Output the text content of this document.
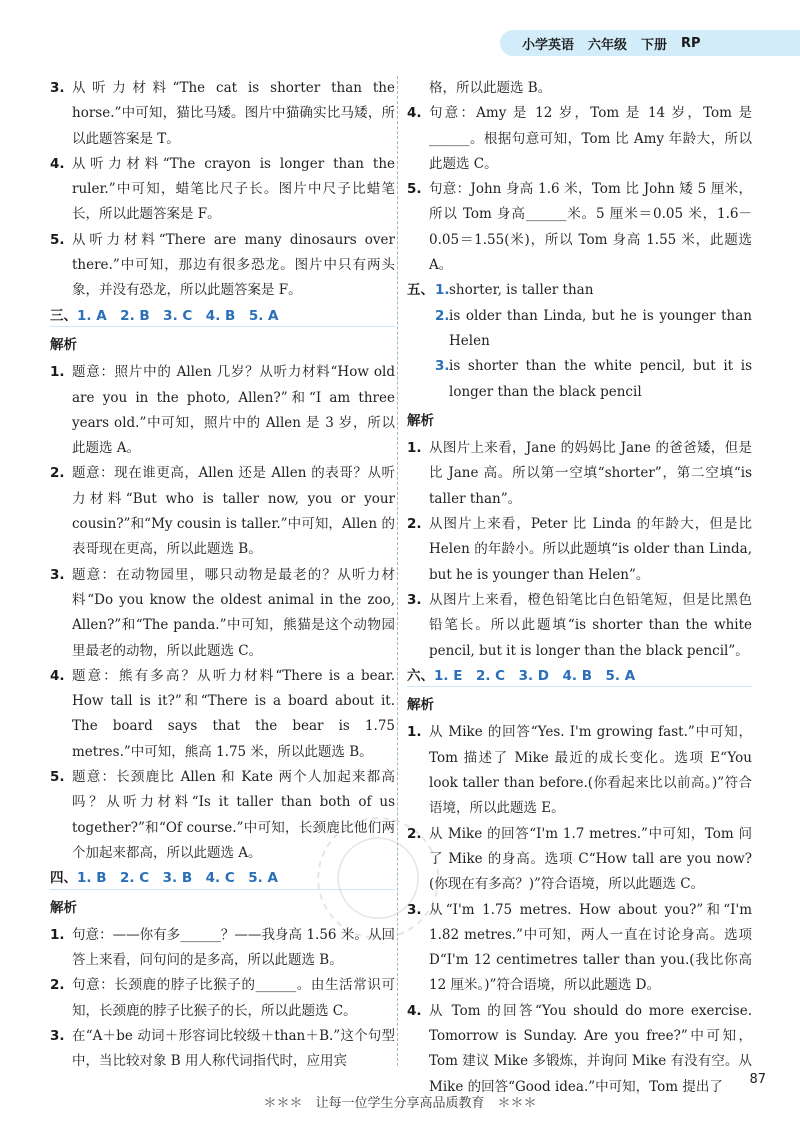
小学英语 六年级 下册 RP
3. 从听力材料“The cat is shorter than the horse.”中可知，猫比马矮。图片中猫确实比马矮，所以此题答案是 T。
4. 从听力材料“The crayon is longer than the ruler.”中可知，蜡笔比尺子长。图片中尺子比蜡笔长，所以此题答案是 F。
5. 从听力材料“There are many dinosaurs over there.”中可知，那边有很多恐龙。图片中只有两头象，并没有恐龙，所以此题答案是 F。
三、1. A　2. B　3. C　4. B　5. A
解析
1. 题意：照片中的 Allen 几岁？从听力材料“How old are you in the photo, Allen?”和“I am three years old.”中可知，照片中的 Allen 是 3 岁，所以此题选 A。
2. 题意：现在谁更高，Allen 还是 Allen 的表哥？从听力材料“But who is taller now, you or your cousin?”和“My cousin is taller.”中可知，Allen 的表哥现在更高，所以此题选 B。
3. 题意：在动物园里，哪只动物是最老的？从听力材料“Do you know the oldest animal in the zoo, Allen?”和“The panda.”中可知，熊猫是这个动物园里最老的动物，所以此题选 C。
4. 题意：熊有多高？从听力材料“There is a bear. How tall is it?”和“There is a board about it. The board says that the bear is 1.75 metres.”中可知，熊高 1.75 米，所以此题选 B。
5. 题意：长颈鹿比 Allen 和 Kate 两个人加起来都高吗？从听力材料“Is it taller than both of us together?”和“Of course.”中可知，长颈鹿比他们两个加起来都高，所以此题选 A。
四、1. B　2. C　3. B　4. C　5. A
解析
1. 句意：——你有多______？——我身高 1.56 米。从回答上来看，问句问的是多高，所以此题选 B。
2. 句意：长颈鹿的脖子比猴子的______。由生活常识可知，长颈鹿的脖子比猴子的长，所以此题选 C。
3. 在“A＋be 动词＋形容词比较级＋than＋B.”这个句型中，当比较对象 B 用人称代词指代时，应用宾
格，所以此题选 B。
4. 句意：Amy 是 12 岁，Tom 是 14 岁，Tom 是______。根据句意可知，Tom 比 Amy 年龄大，所以此题选 C。
5. 句意：John 身高 1.6 米，Tom 比 John 矮 5 厘米，所以 Tom 身高______米。5 厘米＝0.05 米，1.6－0.05＝1.55(米)，所以 Tom 身高 1.55 米，此题选 A。
五、 1. shorter, is taller than
2. is older than Linda, but he is younger than Helen
3. is shorter than the white pencil, but it is longer than the black pencil
解析
1. 从图片上来看，Jane 的妈妈比 Jane 的爸爸矮，但是比 Jane 高。所以第一空填“shorter”，第二空填“is taller than”。
2. 从图片上来看，Peter 比 Linda 的年龄大，但是比 Helen 的年龄小。所以此题填“is older than Linda, but he is younger than Helen”。
3. 从图片上来看，橙色铅笔比白色铅笔短，但是比黑色铅笔长。所以此题填“is shorter than the white pencil, but it is longer than the black pencil”。
六、1. E　2. C　3. D　4. B　5. A
解析
1. 从 Mike 的回答“Yes. I'm growing fast.”中可知，Tom 描述了 Mike 最近的成长变化。选项 E“You look taller than before.(你看起来比以前高。)”符合语境，所以此题选 E。
2. 从 Mike 的回答“I'm 1.7 metres.”中可知，Tom 问了 Mike 的身高。选项 C“How tall are you now?(你现在有多高？)”符合语境，所以此题选 C。
3. 从“I'm 1.75 metres. How about you?”和“I'm 1.82 metres.”中可知，两人一直在讨论身高。选项 D“I'm 12 centimetres taller than you.(我比你高 12 厘米。)”符合语境，所以此题选 D。
4. 从 Tom 的回答“You should do more exercise. Tomorrow is Sunday. Are you free?”中可知，Tom 建议 Mike 多锻炼，并询问 Mike 有没有空。从 Mike 的回答“Good idea.”中可知，Tom 提出了	87
＊＊＊　让每一位学生分享高品质教育　＊＊＊
